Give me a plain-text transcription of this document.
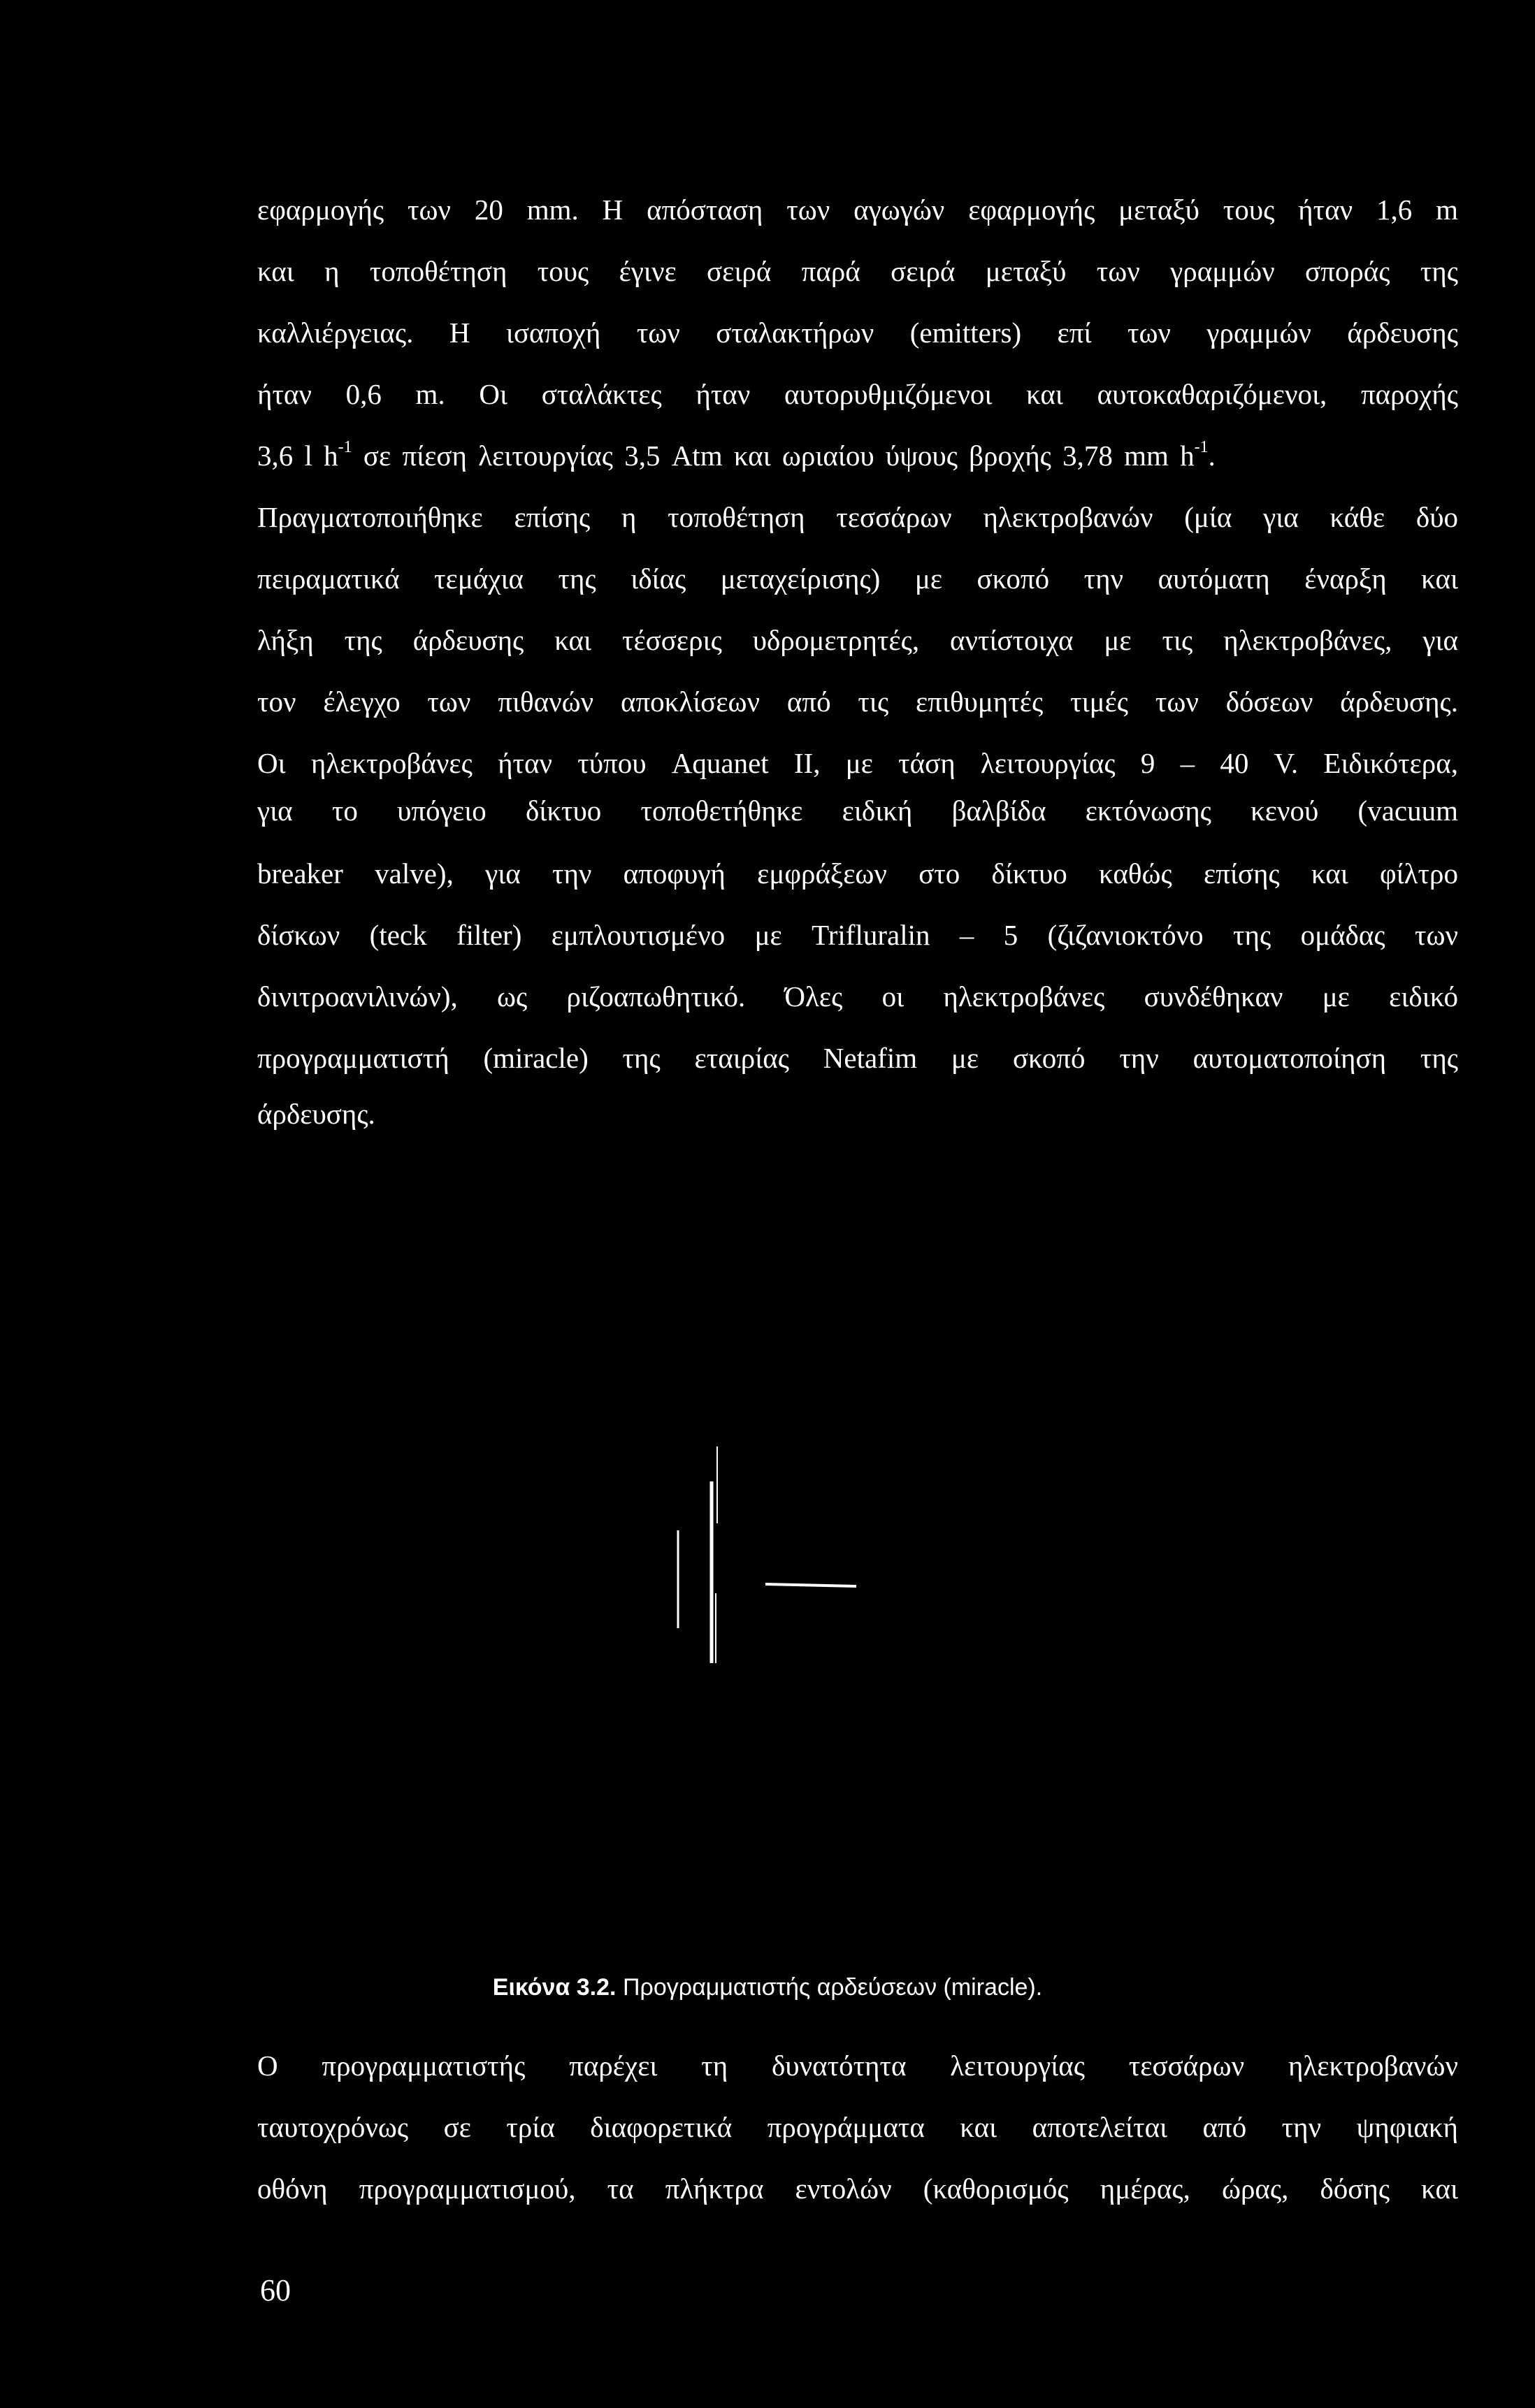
εφαρμογής των 20 mm. Η απόσταση των αγωγών εφαρμογής μεταξύ τους ήταν 1,6 m
και η τοποθέτηση τους έγινε σειρά παρά σειρά μεταξύ των γραμμών σποράς της
καλλιέργειας. Η ισαποχή των σταλακτήρων (emitters) επί των γραμμών άρδευσης
ήταν 0,6 m. Οι σταλάκτες ήταν αυτορυθμιζόμενοι και αυτοκαθαριζόμενοι, παροχής
3,6 l $h^{-1}$ σε πίεση λειτουργίας 3,5 Atm και ωριαίου ύψους βροχής 3,78 mm $h^{-1}$.
Πραγματοποιήθηκε επίσης η τοποθέτηση τεσσάρων ηλεκτροβανών (μία για κάθε δύο
πειραματικά τεμάχια της ιδίας μεταχείρισης) με σκοπό την αυτόματη έναρξη και
λήξη της άρδευσης και τέσσερις υδρομετρητές, αντίστοιχα με τις ηλεκτροβάνες, για
τον έλεγχο των πιθανών αποκλίσεων από τις επιθυμητές τιμές των δόσεων άρδευσης.
Οι ηλεκτροβάνες ήταν τύπου Aquanet II, με τάση λειτουργίας 9 – 40 V. Ειδικότερα,
για το υπόγειο δίκτυο τοποθετήθηκε ειδική βαλβίδα εκτόνωσης κενού (vacuum
breaker valve), για την αποφυγή εμφράξεων στο δίκτυο καθώς επίσης και φίλτρο
δίσκων (teck filter) εμπλουτισμένο με Trifluralin – 5 (ζιζανιοκτόνο της ομάδας των
δινιτροανιλινών), ως ριζοαπωθητικό. Όλες οι ηλεκτροβάνες συνδέθηκαν με ειδικό
προγραμματιστή (miracle) της εταιρίας Netafim με σκοπό την αυτοματοποίηση της
άρδευσης.
Εικόνα 3.2. Προγραμματιστής αρδεύσεων (miracle).
Ο προγραμματιστής παρέχει τη δυνατότητα λειτουργίας τεσσάρων ηλεκτροβανών
ταυτοχρόνως σε τρία διαφορετικά προγράμματα και αποτελείται από την ψηφιακή
οθόνη προγραμματισμού, τα πλήκτρα εντολών (καθορισμός ημέρας, ώρας, δόσης και
60
